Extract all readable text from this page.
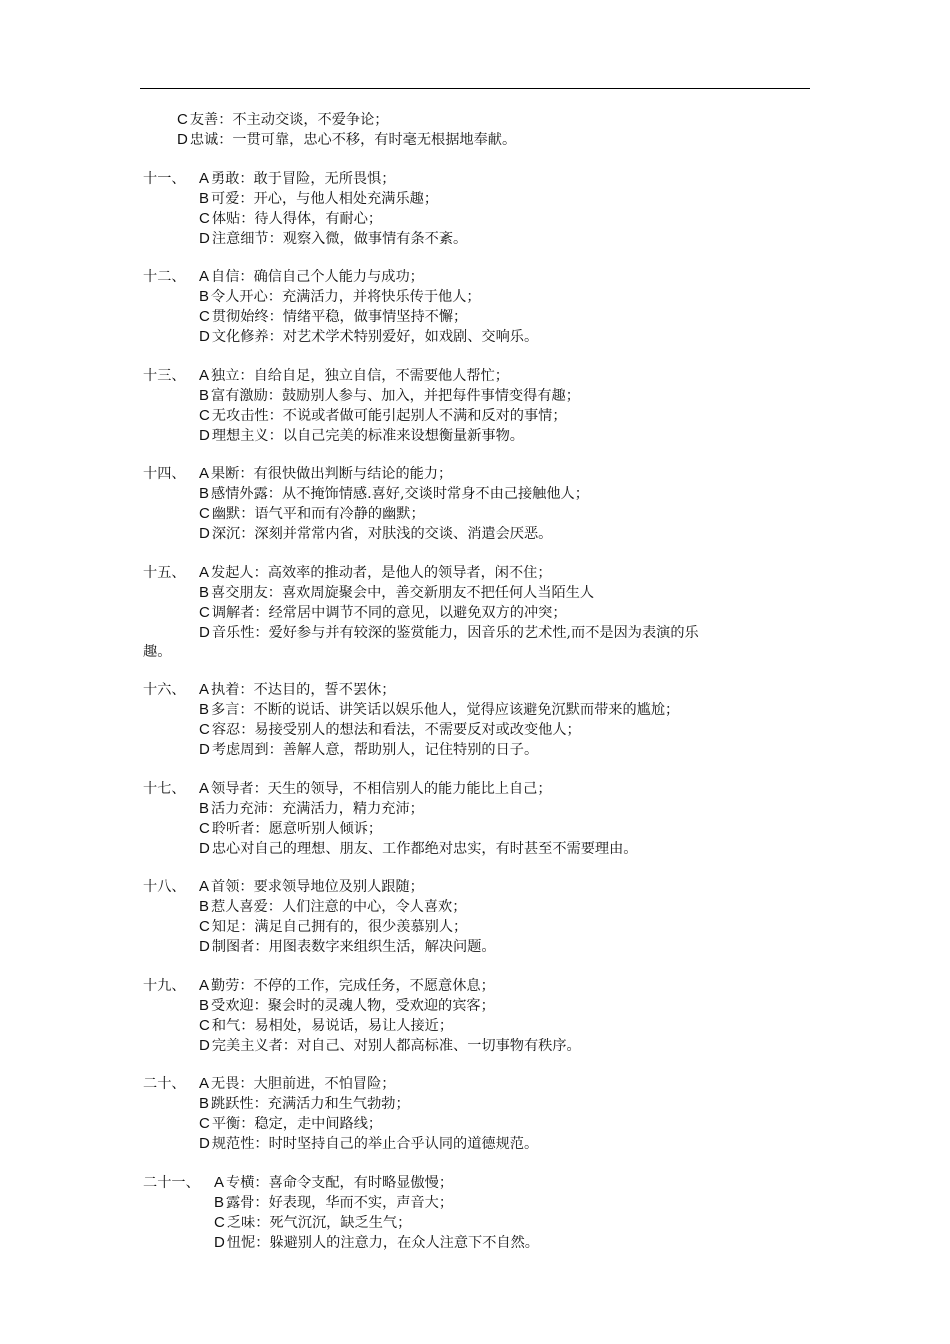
C 友善：不主动交谈，不爱争论；
D 忠诚：一贯可靠，忠心不移，有时毫无根据地奉献。
十一、 A 勇敢：敢于冒险，无所畏惧；
B 可爱：开心，与他人相处充满乐趣；
C 体贴：待人得体，有耐心；
D 注意细节：观察入微，做事情有条不紊。
十二、 A 自信：确信自己个人能力与成功；
B 令人开心：充满活力，并将快乐传于他人；
C 贯彻始终：情绪平稳，做事情坚持不懈；
D 文化修养：对艺术学术特别爱好，如戏剧、交响乐。
十三、 A 独立：自给自足，独立自信，不需要他人帮忙；
B 富有激励：鼓励别人参与、加入，并把每件事情变得有趣；
C 无攻击性：不说或者做可能引起别人不满和反对的事情；
D 理想主义：以自己完美的标准来设想衡量新事物。
十四、 A 果断：有很快做出判断与结论的能力；
B 感情外露：从不掩饰情感.喜好,交谈时常身不由己接触他人；
C 幽默：语气平和而有冷静的幽默；
D 深沉：深刻并常常内省，对肤浅的交谈、消遣会厌恶。
十五、 A 发起人：高效率的推动者，是他人的领导者，闲不住；
B 喜交朋友：喜欢周旋聚会中，善交新朋友不把任何人当陌生人
C 调解者：经常居中调节不同的意见，以避免双方的冲突；
D 音乐性：爱好参与并有较深的鉴赏能力，因音乐的艺术性,而不是因为表演的乐
趣。
十六、 A 执着：不达目的，誓不罢休；
B 多言：不断的说话、讲笑话以娱乐他人，觉得应该避免沉默而带来的尴尬；
C 容忍：易接受别人的想法和看法，不需要反对或改变他人；
D 考虑周到：善解人意，帮助别人，记住特别的日子。
十七、 A 领导者：天生的领导，不相信别人的能力能比上自己；
B 活力充沛：充满活力，精力充沛；
C 聆听者：愿意听别人倾诉；
D 忠心对自己的理想、朋友、工作都绝对忠实，有时甚至不需要理由。
十八、 A 首领：要求领导地位及别人跟随；
B 惹人喜爱：人们注意的中心，令人喜欢；
C 知足：满足自己拥有的，很少羡慕别人；
D 制图者：用图表数字来组织生活，解决问题。
十九、 A 勤劳：不停的工作，完成任务，不愿意休息；
B 受欢迎：聚会时的灵魂人物，受欢迎的宾客；
C 和气：易相处，易说话，易让人接近；
D 完美主义者：对自己、对别人都高标准、一切事物有秩序。
二十、 A 无畏：大胆前进，不怕冒险；
B 跳跃性：充满活力和生气勃勃；
C 平衡：稳定，走中间路线；
D 规范性：时时坚持自己的举止合乎认同的道德规范。
二十一、 A 专横：喜命令支配，有时略显傲慢；
B 露骨：好表现，华而不实，声音大；
C 乏味：死气沉沉，缺乏生气；
D 忸怩：躲避别人的注意力，在众人注意下不自然。
